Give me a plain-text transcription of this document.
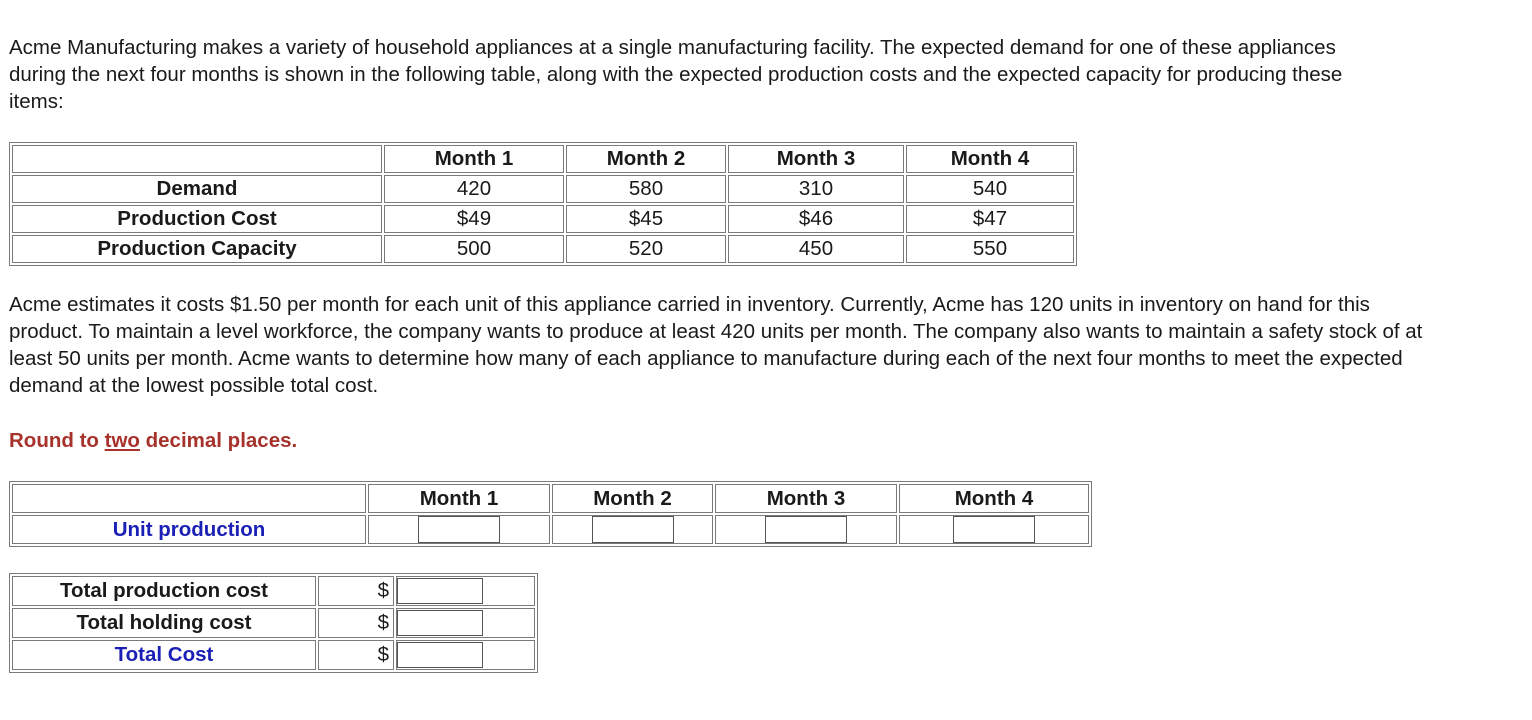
Acme Manufacturing makes a variety of household appliances at a single manufacturing facility. The expected demand for one of these appliances during the next four months is shown in the following table, along with the expected production costs and the expected capacity for producing these items:

	Month 1	Month 2	Month 3	Month 4
Demand	420	580	310	540
Production Cost	$49	$45	$46	$47
Production Capacity	500	520	450	550

Acme estimates it costs $1.50 per month for each unit of this appliance carried in inventory. Currently, Acme has 120 units in inventory on hand for this product. To maintain a level workforce, the company wants to produce at least 420 units per month. The company also wants to maintain a safety stock of at least 50 units per month. Acme wants to determine how many of each appliance to manufacture during each of the next four months to meet the expected demand at the lowest possible total cost.

Round to two decimal places.

	Month 1	Month 2	Month 3	Month 4
Unit production				
Total production cost	$	
Total holding cost	$	
Total Cost	$	
